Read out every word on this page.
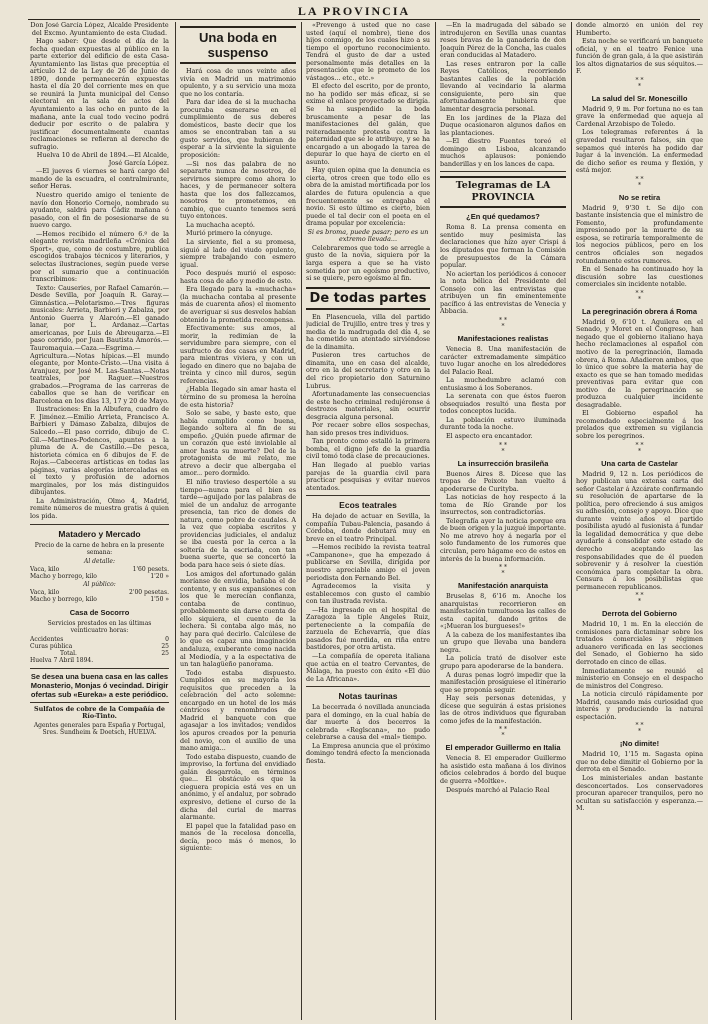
LA PROVINCIA

Don José García López, Alcalde Presidente del Excmo. Ayuntamiento de esta Ciudad.

Hago saber: Que desde el día de la fecha quedan expuestas al público en la parte exterior del edificio de esta Casa-Ayuntamiento las listas que preceptúa el artículo 12 de la Ley de 26 de Junio de 1890, donde permanecerán expuestas hasta el día 20 del corriente mes en que se reunirá la Junta municipal del Censo electoral en la sala de actos del Ayuntamiento a las ocho en punto de la mañana, ante la cual todo vecino podrá deducir por escrito o de palabra y justificar documentalmente cuantas reclamaciones se refieran al derecho de sufragio.

Huelva 10 de Abril de 1894.—El Alcalde, José García López.

—El jueves 6 viernes se hará cargo del mando de la escuadra, el contralmirante, señor Heras.

Nuestro querido amigo el teniente de navío don Honorio Cornejo, nombrado su ayudante, saldrá para Cádiz mañana ó pasado, con el fin de posesionarse de su nuevo cargo.

—Hemos recibido el número 6.º de la elegante revista madrileña «Crónica del Sport», que, como de costumbre, publica escogidos trabajos técnicos y literarios, y selectas ilustraciones, según puede verse por el sumario que a continuación transcribimos:

Texto: Causeries, por Rafael Camarón.—Desde Sevilla, por Joaquín R. Garay.—Gimnástica.—Pelotarismo.—Tres figuras musicales: Arrieta, Barbieri y Zabalza, por Antonio Guerra y Alarcón.—El ganado lanar, por L. Ardanaz.—Cartas americanas, por Luis de Abreugarza.—El paso corrido, por Juan Bautista Amorós.—Tauromaquia.—Caza.—Esgrima.—Agricultura.—Notas hípicas.—El mundo elegante, por Monte-Cristo.—Una visita á Aranjuez, por José M. Las-Santas.—Notas teatrales, por Raguer.—Nuestros grabados.—Programa de las carreras de caballos que se han de verificar en Barcelona en los días 13, 17 y 20 de Mayo.

Ilustraciones: En la Albufera, cuadro de F. Jiménez.—Emilio Arrieta, Francisco A. Barbieri y Dámaso Zabalza, dibujos de Salcedo.—El paso corrido, dibujo de C. Gil.—Martines-Podencos, apuntes a la pluma de A. de Castillo.—De pesca, historieta cómica en 6 dibujos de F. de Rojas.—Cabeceras artísticas en todas las páginas, varias alegorías intercaladas en el texto y profusión de adornos marginales, por los más distinguidos dibujantes.

La Administración, Olmo 4, Madrid, remite números de muestra gratis á quien los pida.

Matadero y Mercado

Precio de la carne de hebra en la presente semana:

Al detalle:

Vaca, kilo	1'60 pesets.
Macho y borrego, kilo	1'20 »

Al público:

Vaca, kilo	2'00 pesetas.
Macho y borrego, kilo	1'50 »
Casa de Socorro

Servicios prestados en las últimas veinticuatro horas:

Accidentes	0
Curas pública	25
Total.	25

Huelva 7 Abril 1894.

Se desea una buena casa en las calles Monasterio, Monjas ó vecindad. Dirigir ofertas sub «Eureka» a este periódico.

Sulfatos de cobre de la Compañía de Río-Tinto.

Agentes generales para España y Portugal, Sres. Sundheim & Doetsch, HUELVA.

Una boda en suspenso

Hará cosa de unos veinte años vivía en Madrid un matrimonio opulento, y a su servicio una moza que no los contaría.

Para dar idea de si la muchacha procuraba esmerarse en el cumplimiento de sus deberes domésticos, baste decir que los amos se encontraban tan a su gusto servidos, que hubieran de esperar a la sirviente la siguiente proposición:

—Si nos das palabra de no separarte nunca de nosotros, de servirnos siempre como ahora lo haces, y de permanecer soltera hasta que los dos fallezcamos, nosotros te prometemos, en cambio, que cuanto tenemos será tuyo entonces.

La muchacha aceptó.

Murió primero la cónyuge.

La sirviente, fiel a su promesa, siguió al lado del viudo opulento, siempre trabajando con esmero igual.

Poco después murió el esposo: hasta cosa de año y medio de esto.

Era llegado para la «muchacha» (la muchacha contaba al presente más de cuarenta años) el momento de averiguar si sus desvelos habían obtenido la prometida recompensa.

Efectivamente: sus amos, al morir, la redimían de la servidumbre para siempre, con el usufructo de dos casas en Madrid, para mientras viviera, y con un legado en dinero que no bajaba de treinta y cinco mil duros, según referencias.

¿Habla llegado sin amar hasta el término de su promesa la heroína de esta historia?

Solo se sabe, y baste esto, que había cumplido como buena, llegando soltera al fin de su empeño. ¿Quién puede afirmar de un corazón que esté inviolable al amor hasta su muerte? Del de la protagonista de mi relato, me atrevo a decir que albergaba el amor... pero dormido.

El niño travieso despertóle a su tiempo—nunca para el bien es tarde—aguijado por las palabras de miel de un andaluz de arrogante presencia, tan rico de dones de natura, como pobre de caudales. A la vez que copiaba escritos y providencias judiciales, el andaluz se iba cuesta por la cerca a la soltería de la escriada, con tan buena suerte, que se concertó la boda para hace seis ó siete días.

Los amigos del afortunado galán moríanse de envidia, bañaba el de contento, y en sus expansiones con los que le merecían confianza, contaba de continuo, probablemente sin darse cuenta de ello siquiera, el cuento de la lechera. Si contaba algo más, no hay para qué decirlo. Calcúlese de lo que es capaz una imaginación andaluza, exuberante como nacida al Mediodía, y a la espectativa de un tan halagüeño panorama.

Todo estaba dispuesto. Cumplidos en su mayoría los requisitos que preceden a la celebración del acto solemne: encargado en un hotel de los más céntricos y renombrados de Madrid el banquete con que agasajar a los invitados; vendidos los apuros creados por la penuria del novio, con el auxilio de una mano amiga...

Todo estaba dispuesto, cuando de improviso, la fortuna del envidiado galán desgarrola, en términos que... El obstáculo es que la cieguera propicia está ves en un anónimo, y el andaluz, por sobrado expresivo, detiene el curso de la dicha del curial de marras alarmante.

El papel que la fatalidad paso en manos de la recelosa doncella, decía, poco más ó menos, lo siguiente:

«Prevengo á usted que no case usted (aquí el nombre), tiene dos hijos conmigo, de los cuales hizo a su tiempo el oportuno reconocimiento. Tendrá el gusto de dar a usted personalmente más detalles en la presentación que le prometo de los vástagos... etc., etc.»

El efecto del escrito, por de pronto, no ha podido ser más eficaz, si se exime el enlace proyectado se dirigía. Se ha suspendido la boda bruscamente a pesar de las manifestaciones del galán, que reiteradamente protesta contra la paternidad que se le atribuye, y se ha encargado a un abogado la tarea de depurar lo que haya de cierto en el asunto.

Hay quien opina que la denuncia es cierta, otros creen que todo ello es obra de la amistad mortificada por los alardes de futura opulencia a que frecuentemente se entregaba el novio. Si esto último es cierto, bien puede el tal decir con el poeta en el drama popular por excelencia:

Si es broma, puede pasar; pero es un extremo llevada...

Celebraremos que todo se arregle a gusto de la novia, siquiera por la larga espera a que se ha visto sometida por un egoísmo productivo, si se quiere, pero egoísmo al fin.

De todas partes

En Plasencuela, villa del partido judicial de Trujillo, entre tres y tres y media de la madrugada del día 4, se ha cometido un atentado sirviéndose de la dinamita.

Pusieron tres cartuchos de dinamita, uno en casa del alcalde, otro en la del secretario y otro en la del rico propietario don Saturnino Lubrus.

Afortunadamente las consecuencias de este hecho criminal redujéronse á destrozos materiales, sin ocurrir desgracia alguna personal.

Por recaer sobre ellos sospechas, han sido presos tres individuos.

Tan pronto como estalló la primera bomba, el digno jefe de la guardia civil tomó toda clase de precauciones.

Han llegado al pueblo varias parejas de la guardia civil para practicar pesquisas y evitar nuevos atentados.

Ecos teatrales

Ha dejado de actuar en Sevilla, la compañía Tubau-Palencia, pasando á Córdoba, donde debutará muy en breve en el teatro Principal.

—Hemos recibido la revista teatral «Campanone», que ha empezado á publicarse en Sevilla, dirigida por nuestro apreciable amigo el joven periodista don Fernando Bel.

Agradecemos la visita y establecemos con gusto el cambio con tan ilustrada revista.

—Ha ingresado en el hospital de Zaragoza la tiple Angeles Ruiz, perteneciente a la compañía de zarzuela de Echevarría, que días pasados fué mordida, en riña entre bastidores, por otra artista.

—La compañía de opereta italiana que actúa en el teatro Cervantes, de Málaga, ha puesto con éxito «El dúo de La Africana».

Notas taurinas

La becerrada ó novillada anunciada para el domingo, en la cual había de dar muerte á dos becerros la celebrada «Reglscana», no pudo celebrarse a causa del «mal» tiempo.

La Empresa anuncia que el próximo domingo tendrá efecto la mencionada fiesta.

—En la madrugada del sábado se introdujeron en Sevilla unas cuantas reses bravas de la ganadería de don Joaquín Pérez de la Concha, las cuales eran conducidas al Matadero.

Las reses entraron por la calle Reyes Católicos, recorriendo bastantes calles de la población llevando al vecindario la alarma consiguiente, pero sin que afortunadamente hubiera que lamentar desgracia personal.

En los jardines de la Plaza del Duque ocasionaron algunos daños en las plantaciones.

—El diestro Fuentes toreó el domingo en Lisboa, alcanzando muchos aplausos: poniendo banderillas y en los lances de capa.

Telegramas de LA PROVINCIA
¿En qué quedamos?

Roma 8. La prensa comenta en sentido muy pesimista las declaraciones que hizo ayer Crispi á los diputados que forman la Comisión de presupuestos de la Cámara popular.

No aciertan los periódicos á conocer la nota bélica del Presidente del Consejo con las entrevistas que atribuyen un fin eminentemente pacífico á las entrevistas de Venecia y Abbacia.

* *
*
Manifestaciones realistas

Venecia 8. Una manifestación de carácter extremadamente simpático tuvo lugar anoche en los alrededores del Palacio Real.

La muchedumbre aclamó con entusiasmo á los Soberanos.

La serenata con que éstos fueron obsequiados resultó una fiesta por todos conceptos lucida.

La población estuvo iluminada durante toda la noche.

El aspecto era encantador.

* *
*
La insurrección brasileña

Buenos Aires 8. Dícese que las tropas de Peixoto han vuelto á apoderarse de Curityba.

Las noticias de hoy respecto á la toma de Río Grande por los insurrectos, son contradictorias.

Telegrafía ayer la noticia porque era de buen origen y la juzgué importante. No me atrevo hoy á negarla por el solo fundamento de los rumores que circulan, pero hágame eco de estos en interés de la buena información.

* *
*
Manifestación anarquista

Bruselas 8, 6'16 m. Anoche los anarquistas recorrieron en manifestación tumultuosa las calles de esta capital, dando gritos de «¡Mueran los burgueses!»

A la cabeza de los manifestantes iba un grupo que llevaba una bandera negra.

La policía trató de disolver este grupo para apoderarse de la bandera.

A duras penas logró impedir que la manifestación prosiguiese el itinerario que se proponía seguir.

Hay seis personas detenidas, y dícese que seguirán á estas prisiones las de otros individuos que figuraban como jefes de la manifestación.

* *
*
El emperador Guillermo en Italia

Venecia 8. El emperador Guillermo ha asistido esta mañana á los divinos oficios celebrados á bordo del buque de guerra «Moltke».

Después marchó al Palacio Real

donde almorzó en unión del rey Humberto.

Esta noche se verificará un banquete oficial, y en el teatro Fenice una función de gran gala, á la que asistirán los altos dignatarios de sus séquitos.—F.

* *
*
La salud del Sr. Monescillo

Madrid 9, 9 m. Por fortuna no es tan grave la enfermedad que aqueja al Cardenal Arzobispo de Toledo.

Los telegramas referentes á la gravedad resultaron falsos, sin que sepamos qué interés ha podido dar lugar á la invención. La enfermedad de dicho señor es reuma y flexión, y está mejor.

* *
*
No se retira

Madrid 9, 9'30 t. Se dijo con bastante insistencia que el ministro de Fomento, profundamente impresionado por la muerte de su esposa, se retiraría temporalmente de los negocios públicos, pero en los centros oficiales son negados rotundamente estos rumores.

En el Senado ha continuado hoy la discusión sobre las cuestiones comerciales sin incidente notable.

* *
*
La peregrinación obrera á Roma

Madrid 9, 6'10 t. Aguilera en el Senado, y Moret en el Congreso, han negado que el gobierno italiano haya hecho reclamaciones al español con motivo de la peregrinación, llamada obrera, á Roma. Añadieron ambos, que lo único que sobre la materia hay de exacto es que se han tomado medidas preventivas para evitar que con motivo de la peregrinación se produzca cualquier incidente desagradable.

El Gobierno español ha recomendado especialmente á los prelados que extremen su vigilancia sobre los peregrinos.

* *
*
Una carta de Castelar

Madrid 9, 12 n. Los periódicos de hoy publican una extensa carta del señor Castelar á Azcárate confirmando su resolución de apartarse de la política, pero ofreciendo á sus amigos su adhesión, consejo y apoyo. Dice que durante veinte años el partido posibilista ayudó al fusionista á fundar la legalidad democrática y que debe ayudarle á consolidar este estado de derecho aceptando las responsabilidades que de él pueden sobrevenir y á resolver la cuestión económica para completar la obra. Censura á los posibilistas que permanecen republicanos.

* *
*
Derrota del Gobierno

Madrid 10, 1 m. En la elección de comisiones para dictaminar sobre los tratados comerciales y régimen aduanero verificada en las secciones del Senado, el Gobierno ha sido derrotado en cinco de ellas.

Inmediatamente se reunió el ministerio en Consejo en el despacho de ministros del Congreso.

La noticia circuló rápidamente por Madrid, causando más curiosidad que interés y produciendo la natural espectación.

* *
*
¡No dimite!

Madrid 10, 1'15 m. Sagasta opina que no debe dimitir el Gobierno por la derrota en el Senado.

Los ministeriales andan bastante desconcertados. Los conservadores procuran aparecer tranquilos, pero no ocultan su satisfacción y esperanza.—M.
